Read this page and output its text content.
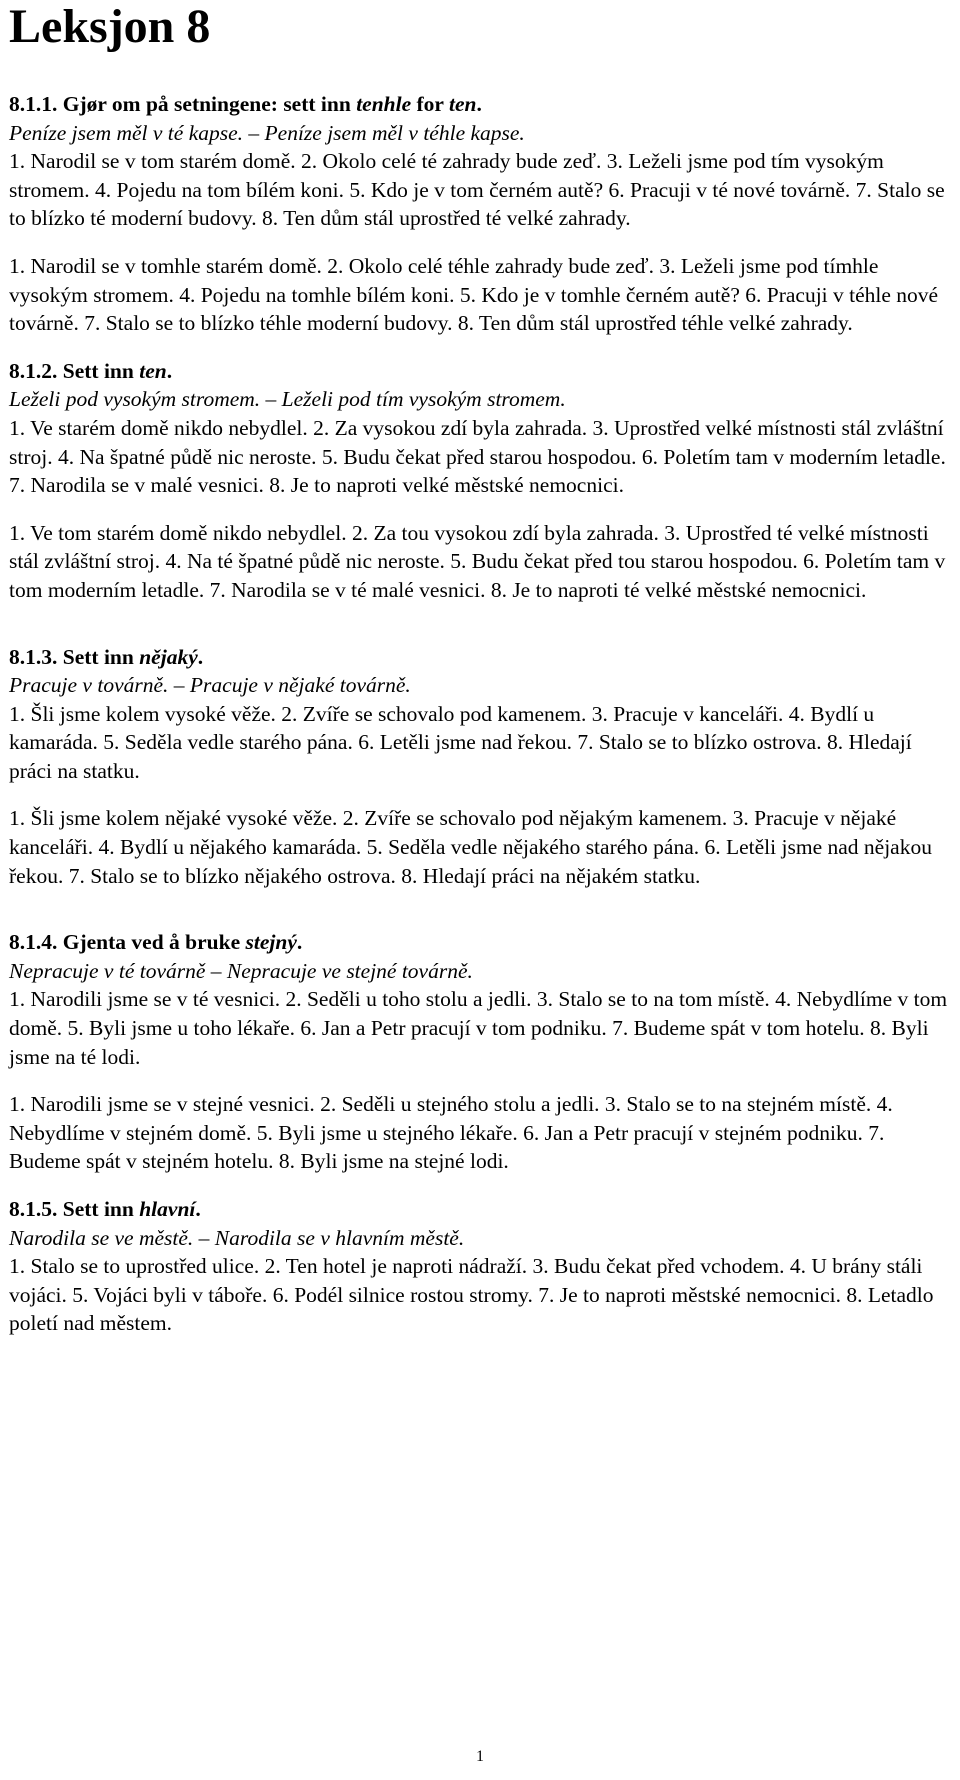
Leksjon 8

8.1.1. Gjør om på setningene: sett inn tenhle for ten.

Peníze jsem měl v té kapse. – Peníze jsem měl v téhle kapse.

1. Narodil se v tom starém domě. 2. Okolo celé té zahrady bude zeď. 3. Leželi jsme pod tím vysokým stromem. 4. Pojedu na tom bílém koni. 5. Kdo je v tom černém autě? 6. Pracuji v té nové továrně. 7. Stalo se to blízko té moderní budovy. 8. Ten dům stál uprostřed té velké zahrady.

1. Narodil se v tomhle starém domě. 2. Okolo celé téhle zahrady bude zeď. 3. Leželi jsme pod tímhle vysokým stromem. 4. Pojedu na tomhle bílém koni. 5. Kdo je v tomhle černém autě? 6. Pracuji v téhle nové továrně. 7. Stalo se to blízko téhle moderní budovy. 8. Ten dům stál uprostřed téhle velké zahrady.

8.1.2. Sett inn ten.

Leželi pod vysokým stromem. – Leželi pod tím vysokým stromem.

1. Ve starém domě nikdo nebydlel. 2. Za vysokou zdí byla zahrada. 3. Uprostřed velké místnosti stál zvláštní stroj. 4. Na špatné půdě nic neroste. 5. Budu čekat před starou hospodou. 6. Poletím tam v moderním letadle. 7. Narodila se v malé vesnici. 8. Je to naproti velké městské nemocnici.

1. Ve tom starém domě nikdo nebydlel. 2. Za tou vysokou zdí byla zahrada. 3. Uprostřed té velké místnosti stál zvláštní stroj. 4. Na té špatné půdě nic neroste. 5. Budu čekat před tou starou hospodou. 6. Poletím tam v tom moderním letadle. 7. Narodila se v té malé vesnici. 8. Je to naproti té velké městské nemocnici.

8.1.3. Sett inn nějaký.

Pracuje v továrně. – Pracuje v nějaké továrně.

1. Šli jsme kolem vysoké věže. 2. Zvíře se schovalo pod kamenem. 3. Pracuje v kanceláři. 4. Bydlí u kamaráda. 5. Seděla vedle starého pána. 6. Letěli jsme nad řekou. 7. Stalo se to blízko ostrova. 8. Hledají práci na statku.

1. Šli jsme kolem nějaké vysoké věže. 2. Zvíře se schovalo pod nějakým kamenem. 3. Pracuje v nějaké kanceláři. 4. Bydlí u nějakého kamaráda. 5. Seděla vedle nějakého starého pána. 6. Letěli jsme nad nějakou řekou. 7. Stalo se to blízko nějakého ostrova. 8. Hledají práci na nějakém statku.

8.1.4. Gjenta ved å bruke stejný.

Nepracuje v té továrně – Nepracuje ve stejné továrně.

1. Narodili jsme se v té vesnici. 2. Seděli u toho stolu a jedli. 3. Stalo se to na tom místě. 4. Nebydlíme v tom domě. 5. Byli jsme u toho lékaře. 6. Jan a Petr pracují v tom podniku. 7. Budeme spát v tom hotelu. 8. Byli jsme na té lodi.

1. Narodili jsme se v stejné vesnici. 2. Seděli u stejného stolu a jedli. 3. Stalo se to na stejném místě. 4. Nebydlíme v stejném domě. 5. Byli jsme u stejného lékaře. 6. Jan a Petr pracují v stejném podniku. 7. Budeme spát v stejném hotelu. 8. Byli jsme na stejné lodi.

8.1.5. Sett inn hlavní.

Narodila se ve městě. – Narodila se v hlavním městě.

1. Stalo se to uprostřed ulice. 2. Ten hotel je naproti nádraží. 3. Budu čekat před vchodem. 4. U brány stáli vojáci. 5. Vojáci byli v táboře. 6. Podél silnice rostou stromy. 7. Je to naproti městské nemocnici. 8. Letadlo poletí nad městem.

1
